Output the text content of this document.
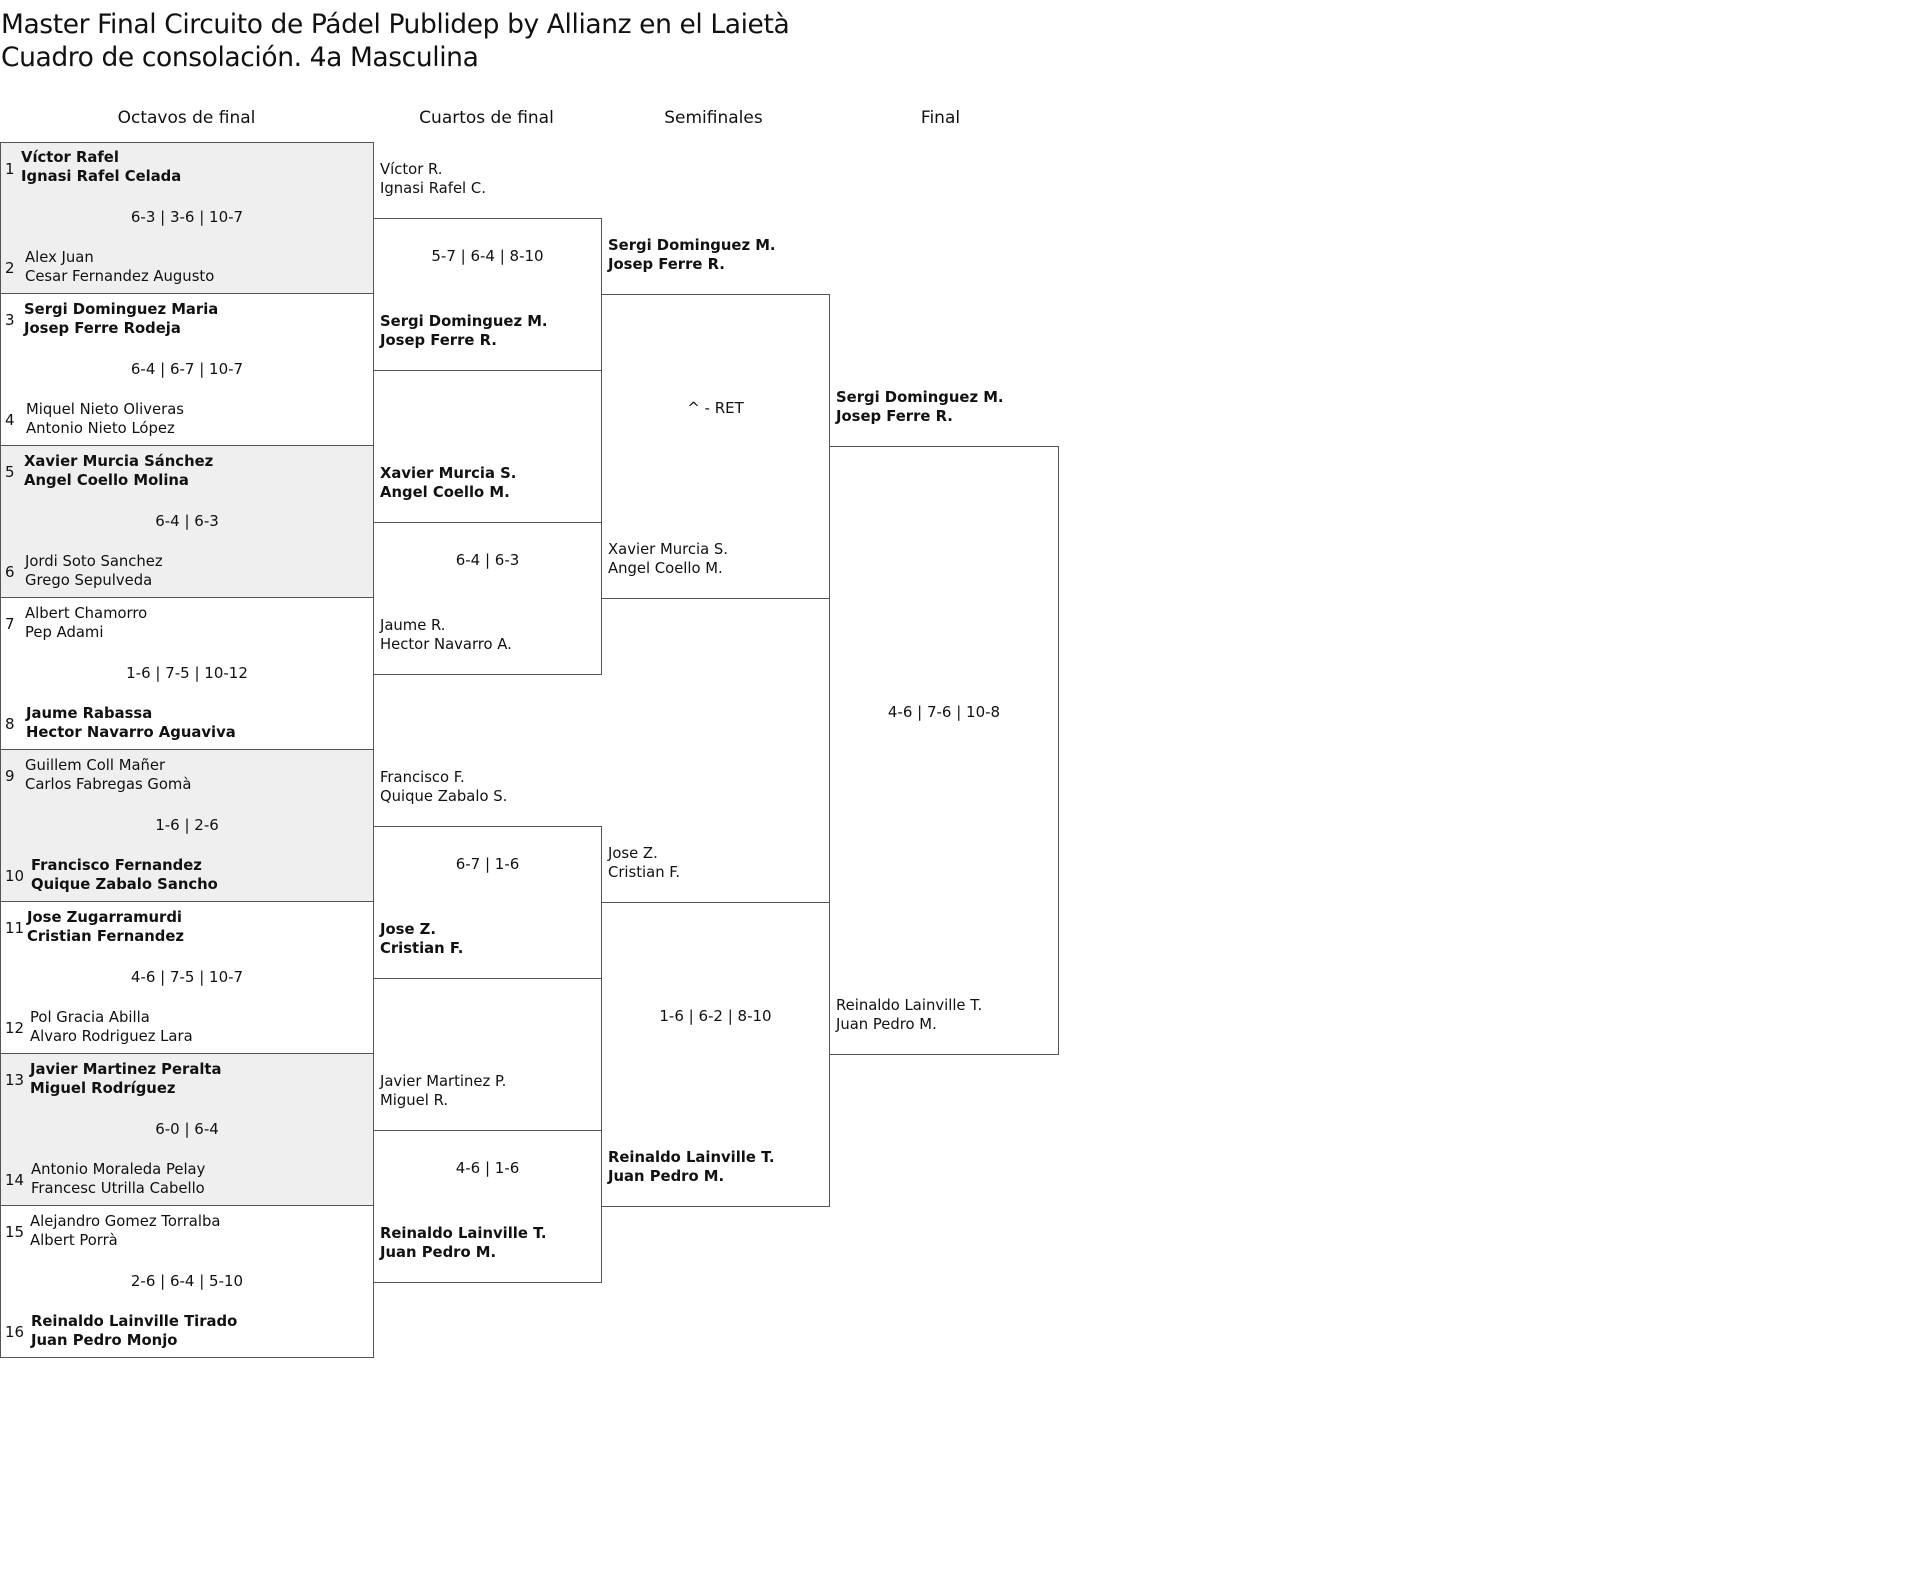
Master Final Circuito de Pádel Publidep by Allianz en el Laietà
Cuadro de consolación. 4a Masculina
Octavos de final	Cuartos de final	Semifinales	Final
1
Víctor Rafel
Ignasi Rafel Celada
6-3 | 3-6 | 10-7
2
Alex Juan
Cesar Fernandez Augusto
3
Sergi Dominguez Maria
Josep Ferre Rodeja
6-4 | 6-7 | 10-7
4
Miquel Nieto Oliveras
Antonio Nieto López
5
Xavier Murcia Sánchez
Angel Coello Molina
6-4 | 6-3
6
Jordi Soto Sanchez
Grego Sepulveda
7
Albert Chamorro
Pep Adami
1-6 | 7-5 | 10-12
8
Jaume Rabassa
Hector Navarro Aguaviva
9
Guillem Coll Mañer
Carlos Fabregas Gomà
1-6 | 2-6
10
Francisco Fernandez
Quique Zabalo Sancho
11
Jose Zugarramurdi
Cristian Fernandez
4-6 | 7-5 | 10-7
12
Pol Gracia Abilla
Alvaro Rodriguez Lara
13
Javier Martinez Peralta
Miguel Rodríguez
6-0 | 6-4
14
Antonio Moraleda Pelay
Francesc Utrilla Cabello
15
Alejandro Gomez Torralba
Albert Porrà
2-6 | 6-4 | 5-10
16
Reinaldo Lainville Tirado
Juan Pedro Monjo
Víctor R.
Ignasi Rafel C.
5-7 | 6-4 | 8-10
Sergi Dominguez M.
Josep Ferre R.
Xavier Murcia S.
Angel Coello M.
6-4 | 6-3
Jaume R.
Hector Navarro A.
Francisco F.
Quique Zabalo S.
6-7 | 1-6
Jose Z.
Cristian F.
Javier Martinez P.
Miguel R.
4-6 | 1-6
Reinaldo Lainville T.
Juan Pedro M.
Sergi Dominguez M.
Josep Ferre R.
^ - RET
Xavier Murcia S.
Angel Coello M.
Jose Z.
Cristian F.
1-6 | 6-2 | 8-10
Reinaldo Lainville T.
Juan Pedro M.
Sergi Dominguez M.
Josep Ferre R.
4-6 | 7-6 | 10-8
Reinaldo Lainville T.
Juan Pedro M.
